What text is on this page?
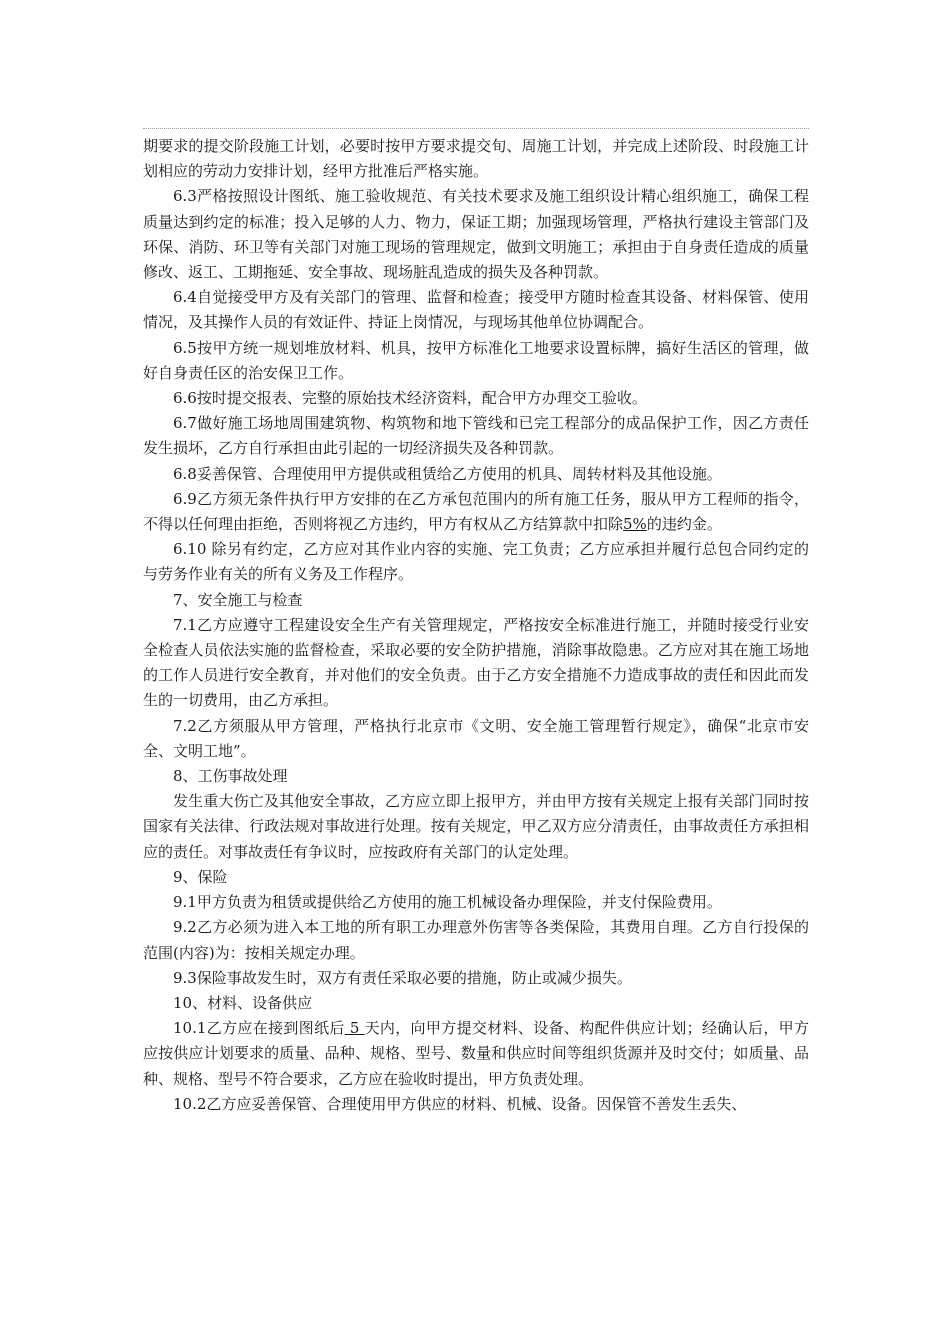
期要求的提交阶段施工计划，必要时按甲方要求提交旬、周施工计划，并完成上述阶段、时段施工计划相应的劳动力安排计划，经甲方批准后严格实施。

6.3严格按照设计图纸、施工验收规范、有关技术要求及施工组织设计精心组织施工，确保工程质量达到约定的标准；投入足够的人力、物力，保证工期；加强现场管理，严格执行建设主管部门及环保、消防、环卫等有关部门对施工现场的管理规定，做到文明施工；承担由于自身责任造成的质量修改、返工、工期拖延、安全事故、现场脏乱造成的损失及各种罚款。

6.4自觉接受甲方及有关部门的管理、监督和检查；接受甲方随时检查其设备、材料保管、使用情况，及其操作人员的有效证件、持证上岗情况，与现场其他单位协调配合。

6.5按甲方统一规划堆放材料、机具，按甲方标准化工地要求设置标牌，搞好生活区的管理，做好自身责任区的治安保卫工作。

6.6按时提交报表、完整的原始技术经济资料，配合甲方办理交工验收。

6.7做好施工场地周围建筑物、构筑物和地下管线和已完工程部分的成品保护工作，因乙方责任发生损坏，乙方自行承担由此引起的一切经济损失及各种罚款。

6.8妥善保管、合理使用甲方提供或租赁给乙方使用的机具、周转材料及其他设施。

6.9乙方须无条件执行甲方安排的在乙方承包范围内的所有施工任务，服从甲方工程师的指令，不得以任何理由拒绝，否则将视乙方违约，甲方有权从乙方结算款中扣除5%的违约金。

6.10 除另有约定，乙方应对其作业内容的实施、完工负责；乙方应承担并履行总包合同约定的与劳务作业有关的所有义务及工作程序。

7、安全施工与检查

7.1乙方应遵守工程建设安全生产有关管理规定，严格按安全标准进行施工，并随时接受行业安全检查人员依法实施的监督检查，采取必要的安全防护措施，消除事故隐患。乙方应对其在施工场地的工作人员进行安全教育，并对他们的安全负责。由于乙方安全措施不力造成事故的责任和因此而发生的一切费用，由乙方承担。

7.2乙方须服从甲方管理，严格执行北京市《文明、安全施工管理暂行规定》，确保“北京市安全、文明工地”。

8、工伤事故处理

发生重大伤亡及其他安全事故，乙方应立即上报甲方，并由甲方按有关规定上报有关部门同时按国家有关法律、行政法规对事故进行处理。按有关规定，甲乙双方应分清责任，由事故责任方承担相应的责任。对事故责任有争议时，应按政府有关部门的认定处理。

9、保险

9.1甲方负责为租赁或提供给乙方使用的施工机械设备办理保险，并支付保险费用。

9.2乙方必须为进入本工地的所有职工办理意外伤害等各类保险，其费用自理。乙方自行投保的范围(内容)为：按相关规定办理。

9.3保险事故发生时，双方有责任采取必要的措施，防止或减少损失。

10、材料、设备供应

10.1乙方应在接到图纸后 5 天内，向甲方提交材料、设备、构配件供应计划；经确认后，甲方应按供应计划要求的质量、品种、规格、型号、数量和供应时间等组织货源并及时交付；如质量、品种、规格、型号不符合要求，乙方应在验收时提出，甲方负责处理。

10.2乙方应妥善保管、合理使用甲方供应的材料、机械、设备。因保管不善发生丢失、
